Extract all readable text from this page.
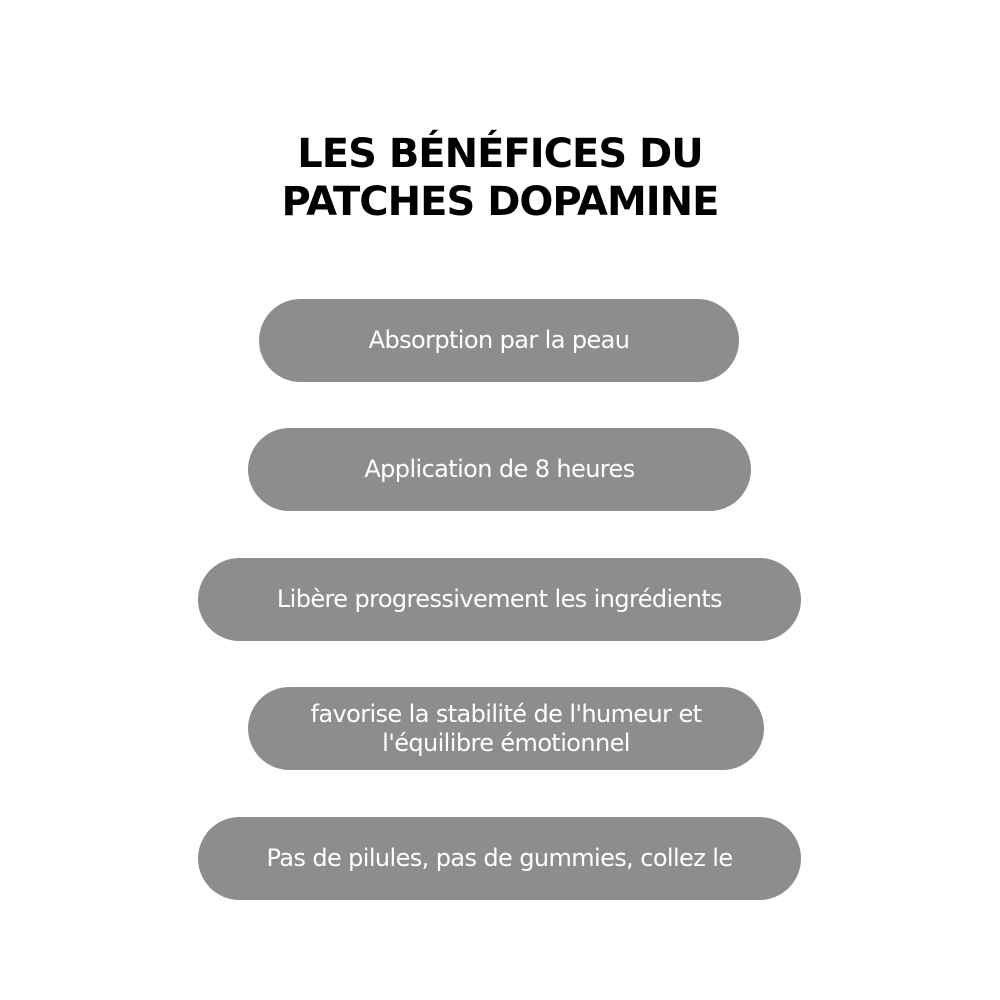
LES BÉNÉFICES DU
PATCHES DOPAMINE
Absorption par la peau
Application de 8 heures
Libère progressivement les ingrédients
favorise la stabilité de l'humeur et
l'équilibre émotionnel
Pas de pilules, pas de gummies, collez le
